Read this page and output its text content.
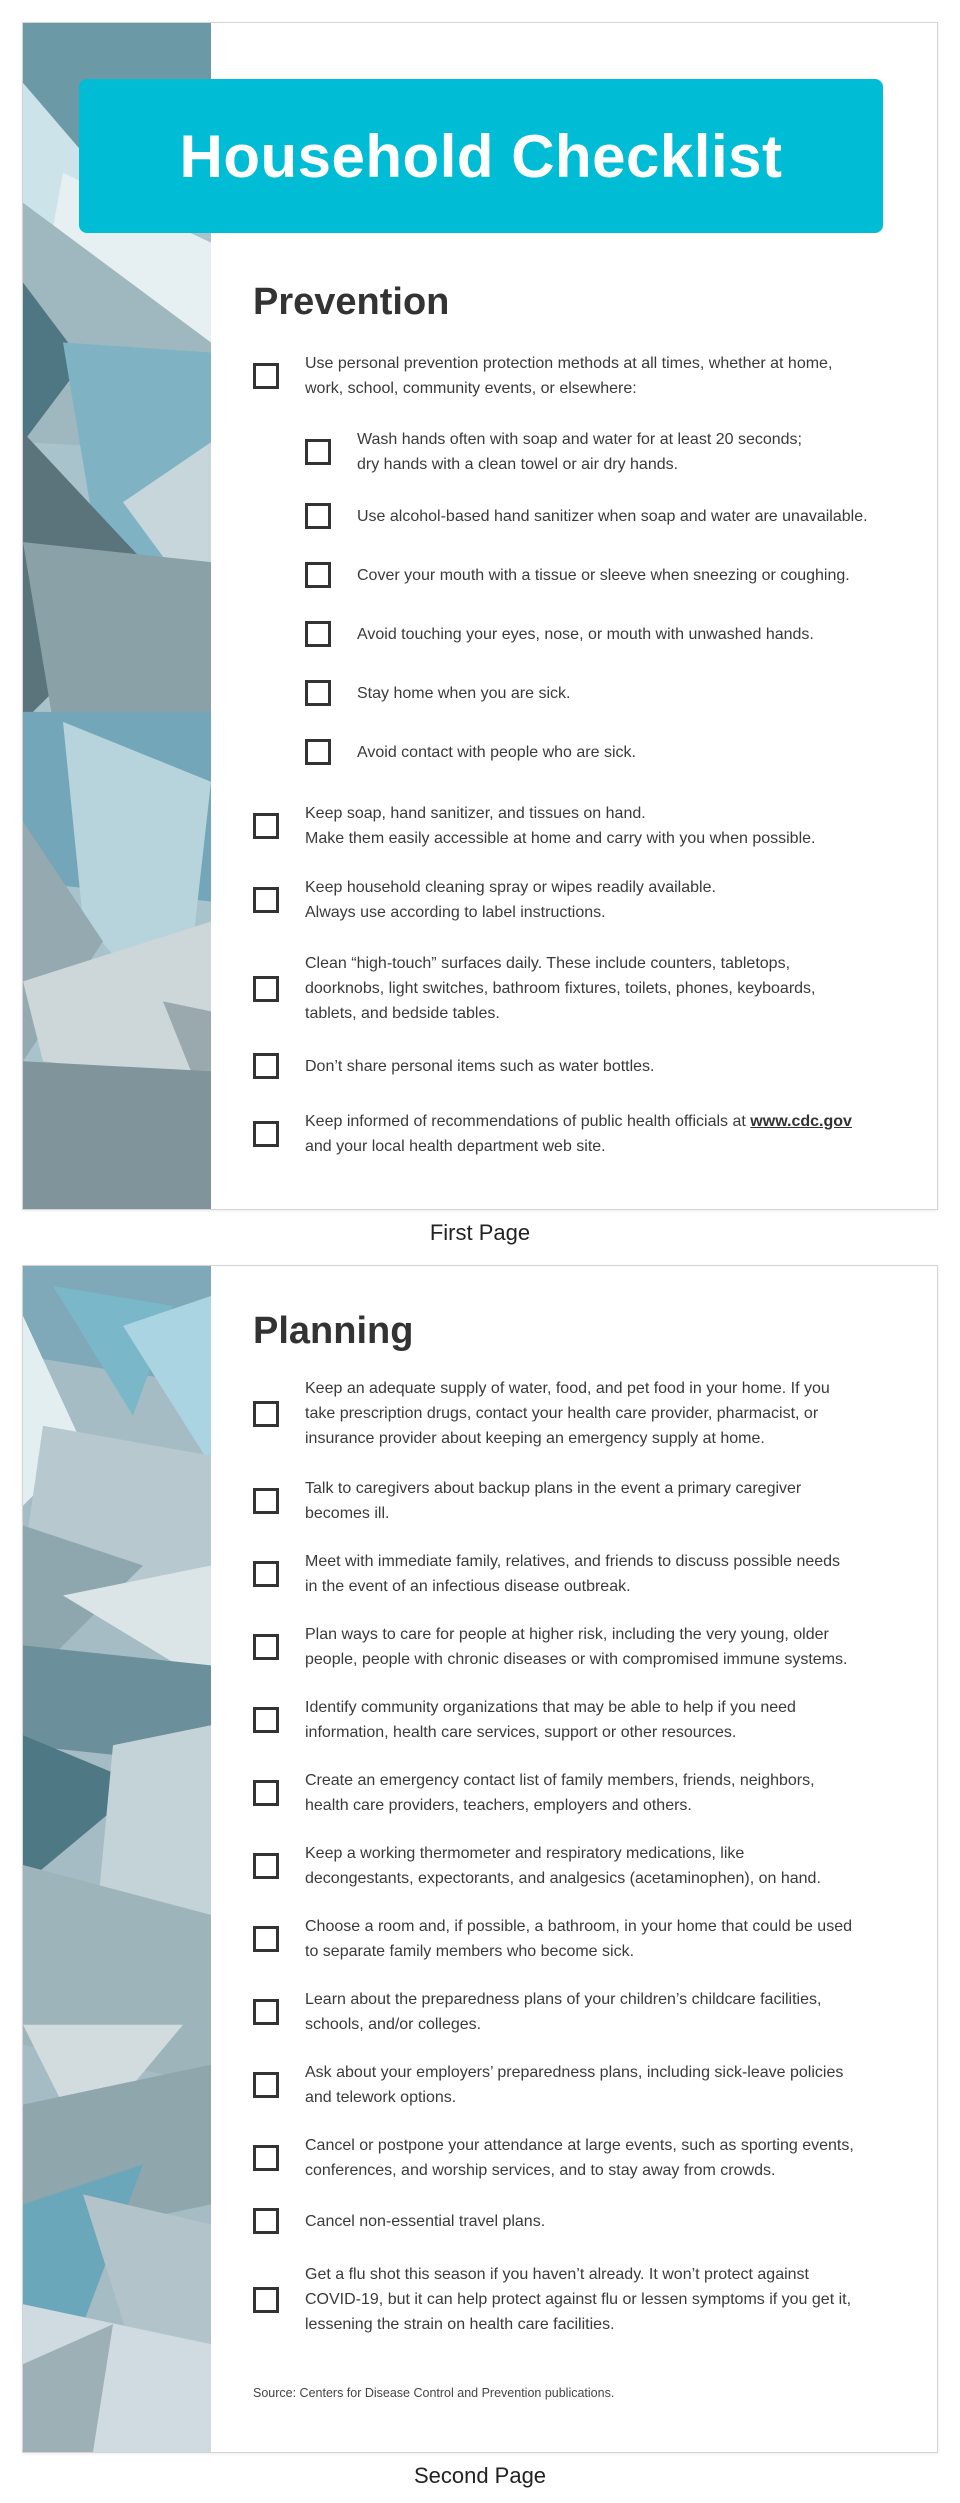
Household Checklist
Prevention
Use personal prevention protection methods at all times, whether at home,
work, school, community events, or elsewhere:
Wash hands often with soap and water for at least 20 seconds;
dry hands with a clean towel or air dry hands.
Use alcohol-based hand sanitizer when soap and water are unavailable.
Cover your mouth with a tissue or sleeve when sneezing or coughing.
Avoid touching your eyes, nose, or mouth with unwashed hands.
Stay home when you are sick.
Avoid contact with people who are sick.
Keep soap, hand sanitizer, and tissues on hand.
Make them easily accessible at home and carry with you when possible.
Keep household cleaning spray or wipes readily available.
Always use according to label instructions.
Clean “high-touch” surfaces daily. These include counters, tabletops,
doorknobs, light switches, bathroom fixtures, toilets, phones, keyboards,
tablets, and bedside tables.
Don’t share personal items such as water bottles.
Keep informed of recommendations of public health officials at www.cdc.gov
and your local health department web site.
First Page
Planning
Keep an adequate supply of water, food, and pet food in your home. If you
take prescription drugs, contact your health care provider, pharmacist, or
insurance provider about keeping an emergency supply at home.
Talk to caregivers about backup plans in the event a primary caregiver
becomes ill.
Meet with immediate family, relatives, and friends to discuss possible needs
in the event of an infectious disease outbreak.
Plan ways to care for people at higher risk, including the very young, older
people, people with chronic diseases or with compromised immune systems.
Identify community organizations that may be able to help if you need
information, health care services, support or other resources.
Create an emergency contact list of family members, friends, neighbors,
health care providers, teachers, employers and others.
Keep a working thermometer and respiratory medications, like
decongestants, expectorants, and analgesics (acetaminophen), on hand.
Choose a room and, if possible, a bathroom, in your home that could be used
to separate family members who become sick.
Learn about the preparedness plans of your children’s childcare facilities,
schools, and/or colleges.
Ask about your employers’ preparedness plans, including sick-leave policies
and telework options.
Cancel or postpone your attendance at large events, such as sporting events,
conferences, and worship services, and to stay away from crowds.
Cancel non-essential travel plans.
Get a flu shot this season if you haven’t already. It won’t protect against
COVID-19, but it can help protect against flu or lessen symptoms if you get it,
lessening the strain on health care facilities.
Source: Centers for Disease Control and Prevention publications.
Second Page
